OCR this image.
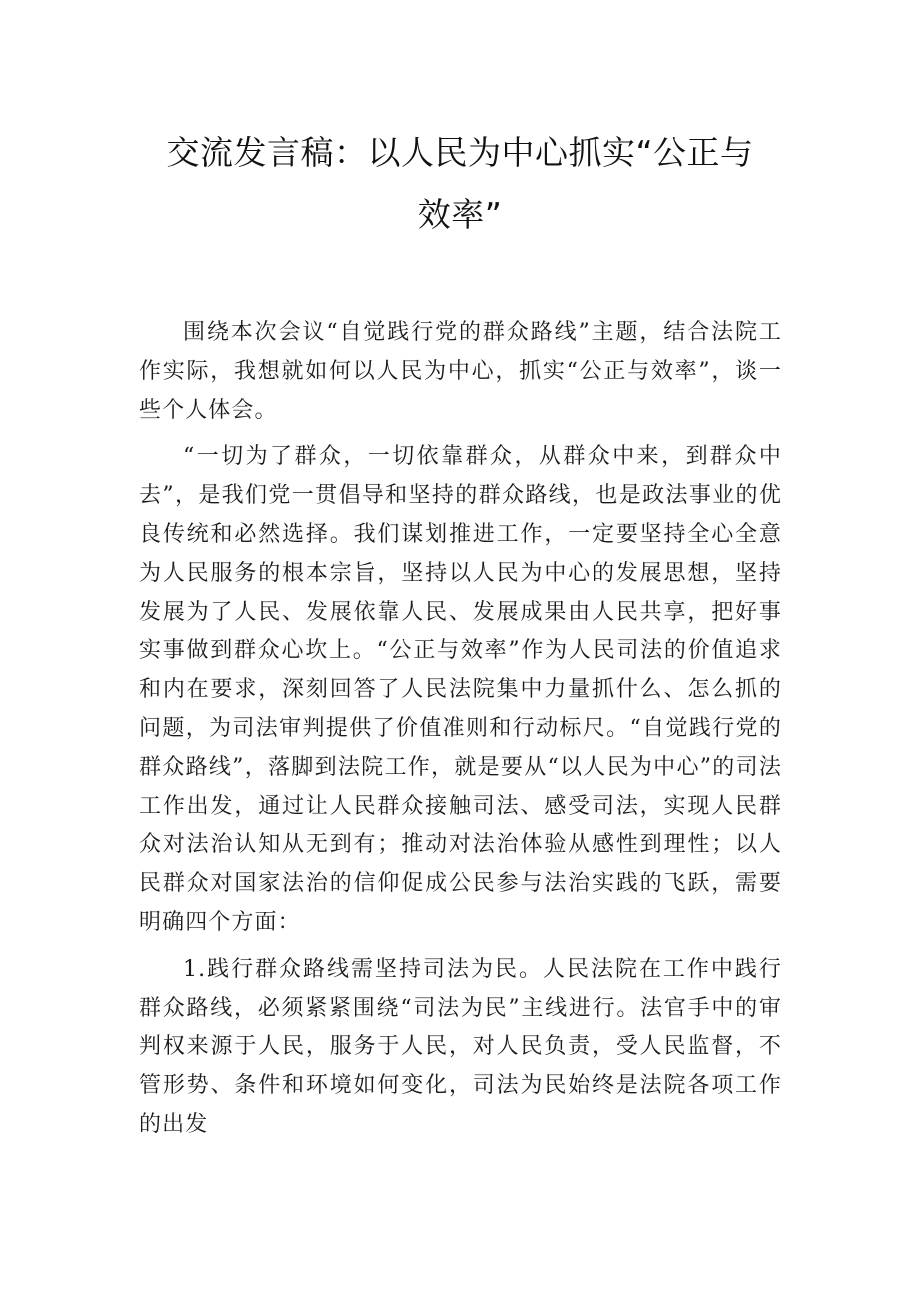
交流发言稿：以人民为中心抓实“公正与效率”

围绕本次会议“自觉践行党的群众路线”主题，结合法院工作实际，我想就如何以人民为中心，抓实“公正与效率”，谈一些个人体会。

“一切为了群众，一切依靠群众，从群众中来，到群众中去”，是我们党一贯倡导和坚持的群众路线，也是政法事业的优良传统和必然选择。我们谋划推进工作，一定要坚持全心全意为人民服务的根本宗旨，坚持以人民为中心的发展思想，坚持发展为了人民、发展依靠人民、发展成果由人民共享，把好事实事做到群众心坎上。“公正与效率”作为人民司法的价值追求和内在要求，深刻回答了人民法院集中力量抓什么、怎么抓的问题，为司法审判提供了价值准则和行动标尺。“自觉践行党的群众路线”，落脚到法院工作，就是要从“以人民为中心”的司法工作出发，通过让人民群众接触司法、感受司法，实现人民群众对法治认知从无到有；推动对法治体验从感性到理性；以人民群众对国家法治的信仰促成公民参与法治实践的飞跃，需要明确四个方面：

1.践行群众路线需坚持司法为民。人民法院在工作中践行群众路线，必须紧紧围绕“司法为民”主线进行。法官手中的审判权来源于人民，服务于人民，对人民负责，受人民监督，不管形势、条件和环境如何变化，司法为民始终是法院各项工作的出发
